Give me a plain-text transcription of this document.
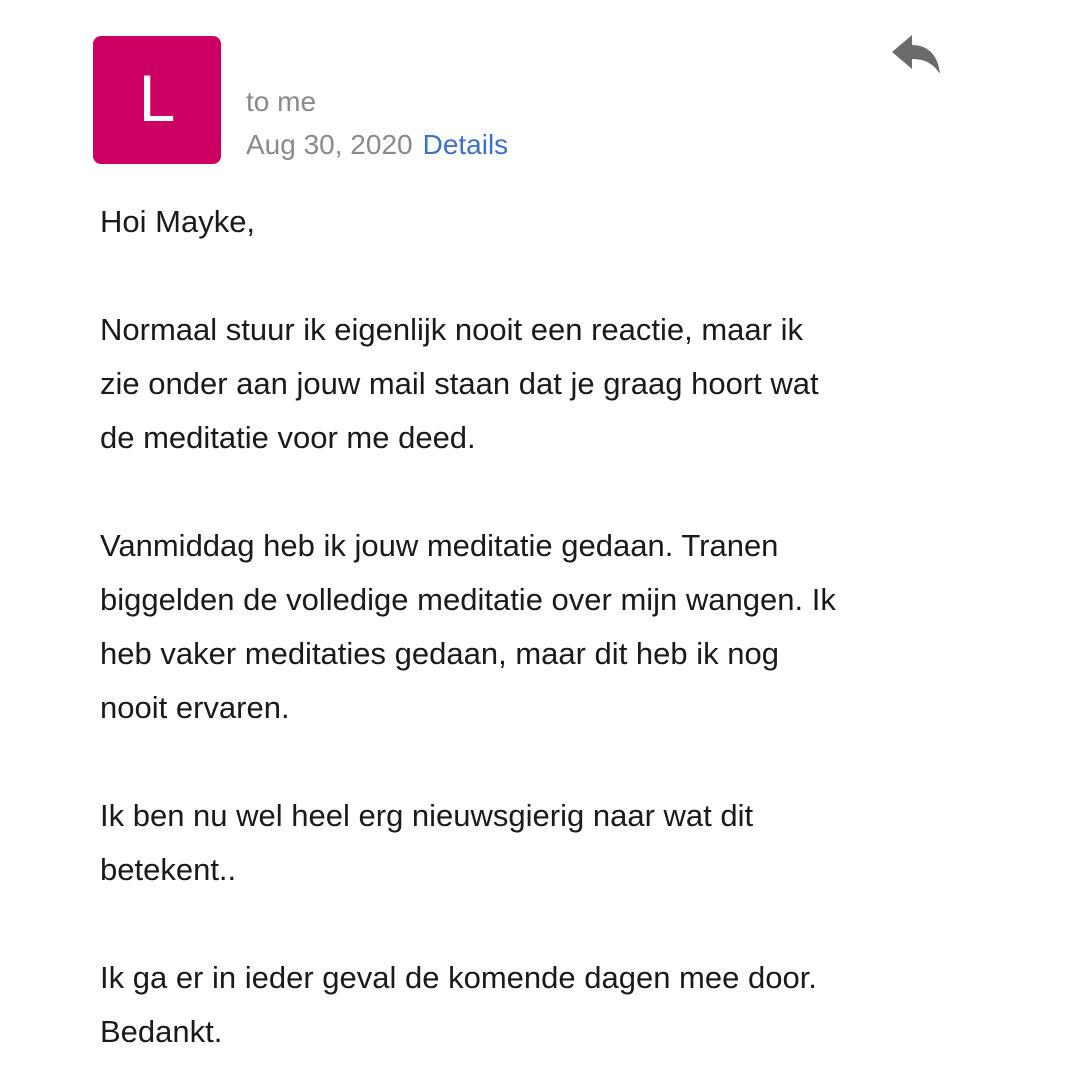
L	to me
Aug 30, 2020 Details

Hoi Mayke,

Normaal stuur ik eigenlijk nooit een reactie, maar ik
zie onder aan jouw mail staan dat je graag hoort wat
de meditatie voor me deed.

Vanmiddag heb ik jouw meditatie gedaan. Tranen
biggelden de volledige meditatie over mijn wangen. Ik
heb vaker meditaties gedaan, maar dit heb ik nog
nooit ervaren.

Ik ben nu wel heel erg nieuwsgierig naar wat dit
betekent..

Ik ga er in ieder geval de komende dagen mee door.
Bedankt.
